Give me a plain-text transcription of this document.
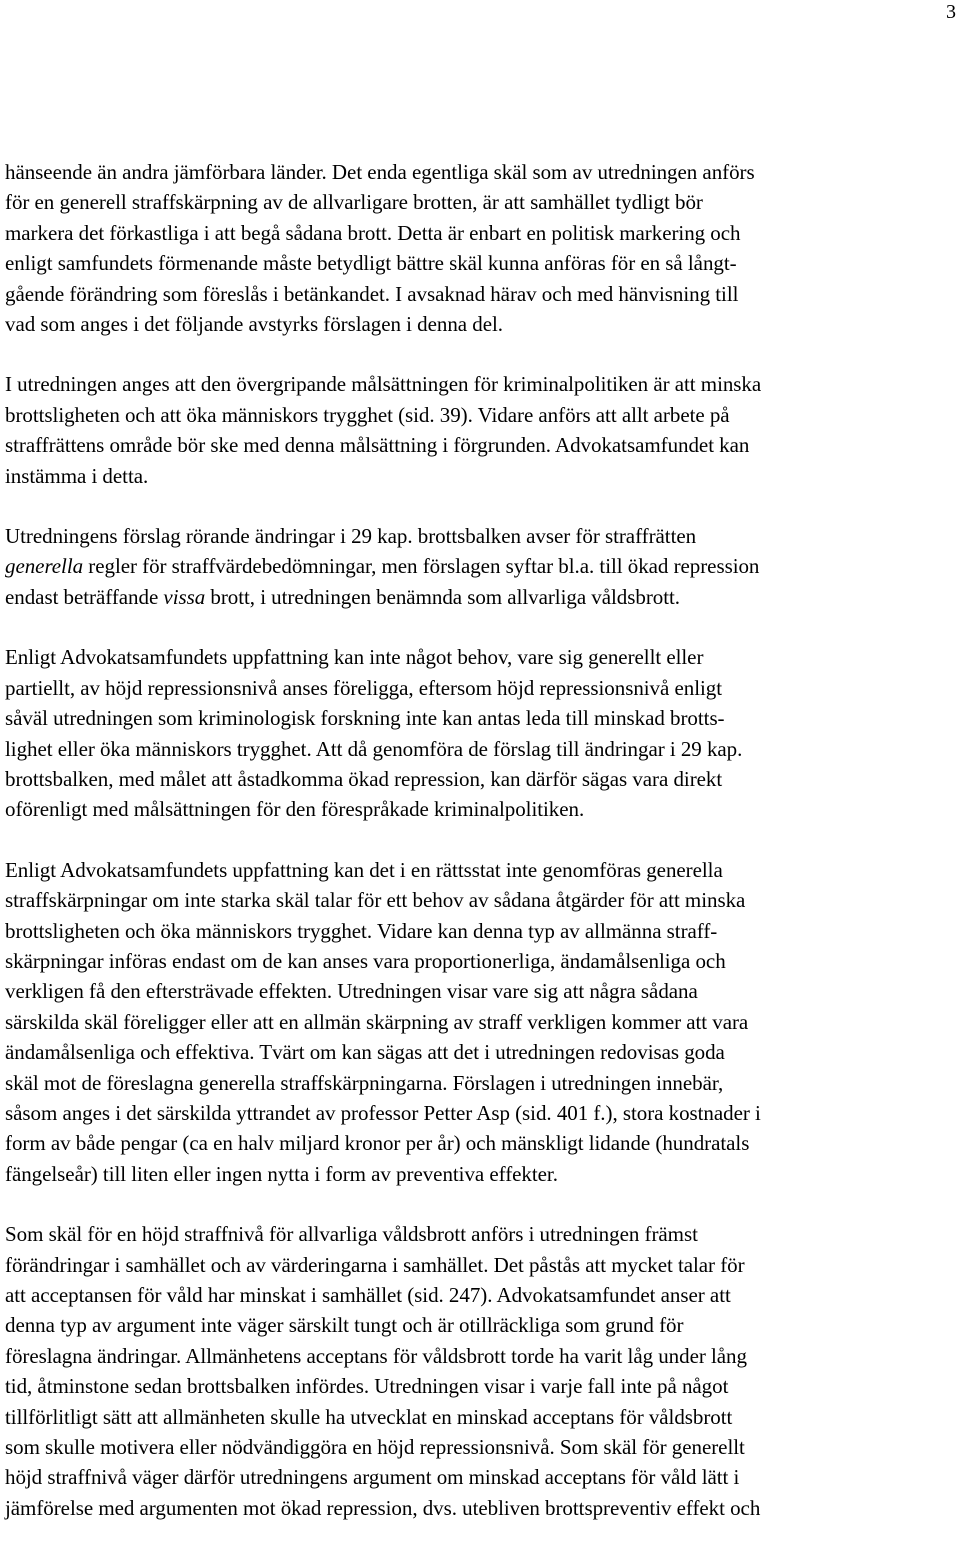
3

hänseende än andra jämförbara länder. Det enda egentliga skäl som av utredningen anförs
för en generell straffskärpning av de allvarligare brotten, är att samhället tydligt bör
markera det förkastliga i att begå sådana brott. Detta är enbart en politisk markering och
enligt samfundets förmenande måste betydligt bättre skäl kunna anföras för en så långt-
gående förändring som föreslås i betänkandet. I avsaknad härav och med hänvisning till
vad som anges i det följande avstyrks förslagen i denna del.

I utredningen anges att den övergripande målsättningen för kriminalpolitiken är att minska
brottsligheten och att öka människors trygghet (sid. 39). Vidare anförs att allt arbete på
straffrättens område bör ske med denna målsättning i förgrunden. Advokatsamfundet kan
instämma i detta.

Utredningens förslag rörande ändringar i 29 kap. brottsbalken avser för straffrätten
generella regler för straffvärdebedömningar, men förslagen syftar bl.a. till ökad repression
endast beträffande vissa brott, i utredningen benämnda som allvarliga våldsbrott.

Enligt Advokatsamfundets uppfattning kan inte något behov, vare sig generellt eller
partiellt, av höjd repressionsnivå anses föreligga, eftersom höjd repressionsnivå enligt
såväl utredningen som kriminologisk forskning inte kan antas leda till minskad brotts-
lighet eller öka människors trygghet. Att då genomföra de förslag till ändringar i 29 kap.
brottsbalken, med målet att åstadkomma ökad repression, kan därför sägas vara direkt
oförenligt med målsättningen för den förespråkade kriminalpolitiken.

Enligt Advokatsamfundets uppfattning kan det i en rättsstat inte genomföras generella
straffskärpningar om inte starka skäl talar för ett behov av sådana åtgärder för att minska
brottsligheten och öka människors trygghet. Vidare kan denna typ av allmänna straff-
skärpningar införas endast om de kan anses vara proportionerliga, ändamålsenliga och
verkligen få den eftersträvade effekten. Utredningen visar vare sig att några sådana
särskilda skäl föreligger eller att en allmän skärpning av straff verkligen kommer att vara
ändamålsenliga och effektiva. Tvärt om kan sägas att det i utredningen redovisas goda
skäl mot de föreslagna generella straffskärpningarna. Förslagen i utredningen innebär,
såsom anges i det särskilda yttrandet av professor Petter Asp (sid. 401 f.), stora kostnader i
form av både pengar (ca en halv miljard kronor per år) och mänskligt lidande (hundratals
fängelseår) till liten eller ingen nytta i form av preventiva effekter.

Som skäl för en höjd straffnivå för allvarliga våldsbrott anförs i utredningen främst
förändringar i samhället och av värderingarna i samhället. Det påstås att mycket talar för
att acceptansen för våld har minskat i samhället (sid. 247). Advokatsamfundet anser att
denna typ av argument inte väger särskilt tungt och är otillräckliga som grund för
föreslagna ändringar. Allmänhetens acceptans för våldsbrott torde ha varit låg under lång
tid, åtminstone sedan brottsbalken infördes. Utredningen visar i varje fall inte på något
tillförlitligt sätt att allmänheten skulle ha utvecklat en minskad acceptans för våldsbrott
som skulle motivera eller nödvändiggöra en höjd repressionsnivå. Som skäl för generellt
höjd straffnivå väger därför utredningens argument om minskad acceptans för våld lätt i
jämförelse med argumenten mot ökad repression, dvs. utebliven brottspreventiv effekt och
